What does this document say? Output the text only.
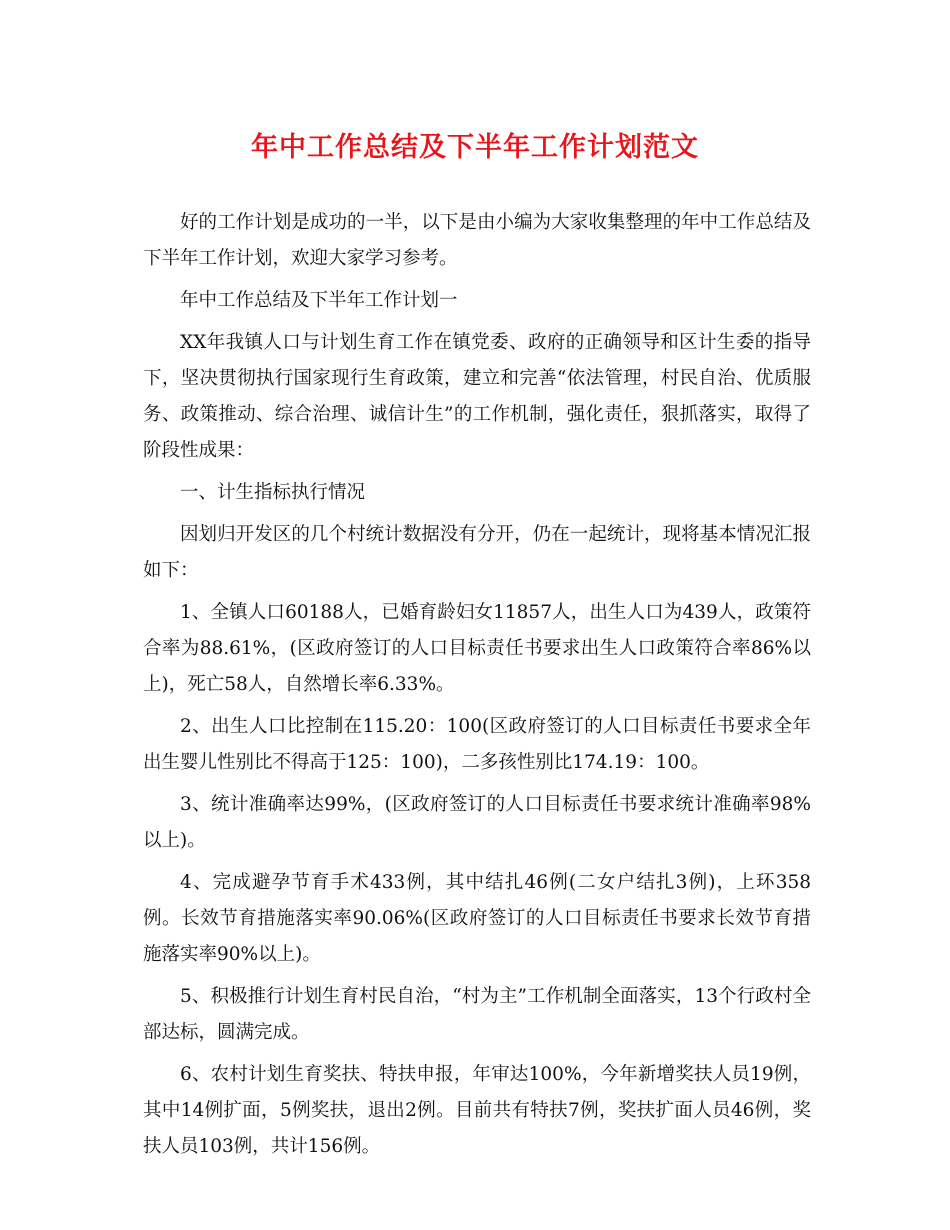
年中工作总结及下半年工作计划范文

好的工作计划是成功的一半，以下是由小编为大家收集整理的年中工作总结及下半年工作计划，欢迎大家学习参考。

年中工作总结及下半年工作计划一

XX年我镇人口与计划生育工作在镇党委、政府的正确领导和区计生委的指导下，坚决贯彻执行国家现行生育政策，建立和完善“依法管理，村民自治、优质服务、政策推动、综合治理、诚信计生”的工作机制，强化责任，狠抓落实，取得了阶段性成果：

一、计生指标执行情况

因划归开发区的几个村统计数据没有分开，仍在一起统计，现将基本情况汇报如下：

1、全镇人口60188人，已婚育龄妇女11857人，出生人口为439人，政策符合率为88.61%，(区政府签订的人口目标责任书要求出生人口政策符合率86%以上)，死亡58人，自然增长率6.33%。

2、出生人口比控制在115.20：100(区政府签订的人口目标责任书要求全年出生婴儿性别比不得高于125：100)，二多孩性别比174.19：100。

3、统计准确率达99%，(区政府签订的人口目标责任书要求统计准确率98%以上)。

4、完成避孕节育手术433例，其中结扎46例(二女户结扎3例)，上环358例。长效节育措施落实率90.06%(区政府签订的人口目标责任书要求长效节育措施落实率90%以上)。

5、积极推行计划生育村民自治，“村为主”工作机制全面落实，13个行政村全部达标，圆满完成。

6、农村计划生育奖扶、特扶申报，年审达100%，今年新增奖扶人员19例，其中14例扩面，5例奖扶，退出2例。目前共有特扶7例，奖扶扩面人员46例，奖扶人员103例，共计156例。
